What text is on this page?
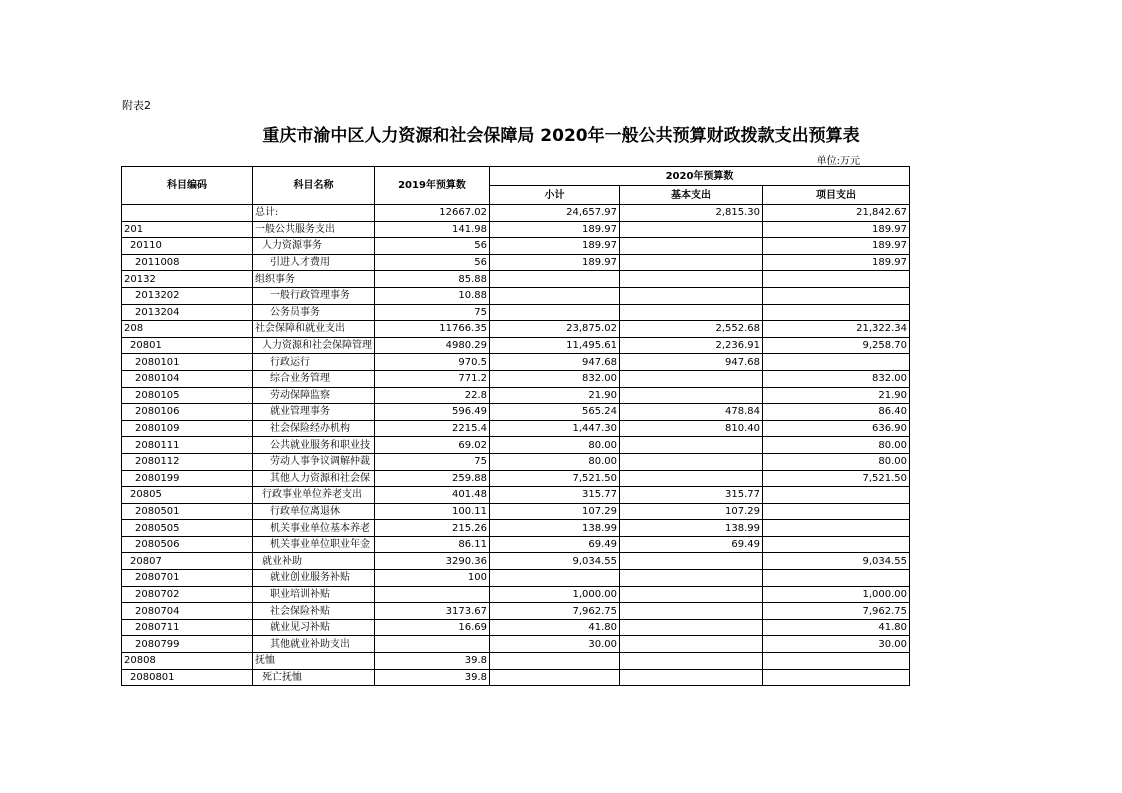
附表2
重庆市渝中区人力资源和社会保障局 2020年一般公共预算财政拨款支出预算表
单位:万元
科目编码	科目名称	2019年预算数	2020年预算数		
			小计	基本支出	项目支出
	总计:	12667.02	24,657.97	2,815.30	21,842.67
201	一般公共服务支出	141.98	189.97		189.97
20110	人力资源事务	56	189.97		189.97
2011008	引进人才费用	56	189.97		189.97
20132	组织事务	85.88			
2013202	一般行政管理事务	10.88			
2013204	公务员事务	75			
208	社会保障和就业支出	11766.35	23,875.02	2,552.68	21,322.34
20801	人力资源和社会保障管理	4980.29	11,495.61	2,236.91	9,258.70
2080101	行政运行	970.5	947.68	947.68	
2080104	综合业务管理	771.2	832.00		832.00
2080105	劳动保障监察	22.8	21.90		21.90
2080106	就业管理事务	596.49	565.24	478.84	86.40
2080109	社会保险经办机构	2215.4	1,447.30	810.40	636.90
2080111	公共就业服务和职业技	69.02	80.00		80.00
2080112	劳动人事争议调解仲裁	75	80.00		80.00
2080199	其他人力资源和社会保	259.88	7,521.50		7,521.50
20805	行政事业单位养老支出	401.48	315.77	315.77	
2080501	行政单位离退休	100.11	107.29	107.29	
2080505	机关事业单位基本养老	215.26	138.99	138.99	
2080506	机关事业单位职业年金	86.11	69.49	69.49	
20807	就业补助	3290.36	9,034.55		9,034.55
2080701	就业创业服务补贴	100			
2080702	职业培训补贴		1,000.00		1,000.00
2080704	社会保险补贴	3173.67	7,962.75		7,962.75
2080711	就业见习补贴	16.69	41.80		41.80
2080799	其他就业补助支出		30.00		30.00
20808	抚恤	39.8			
2080801	死亡抚恤	39.8			
